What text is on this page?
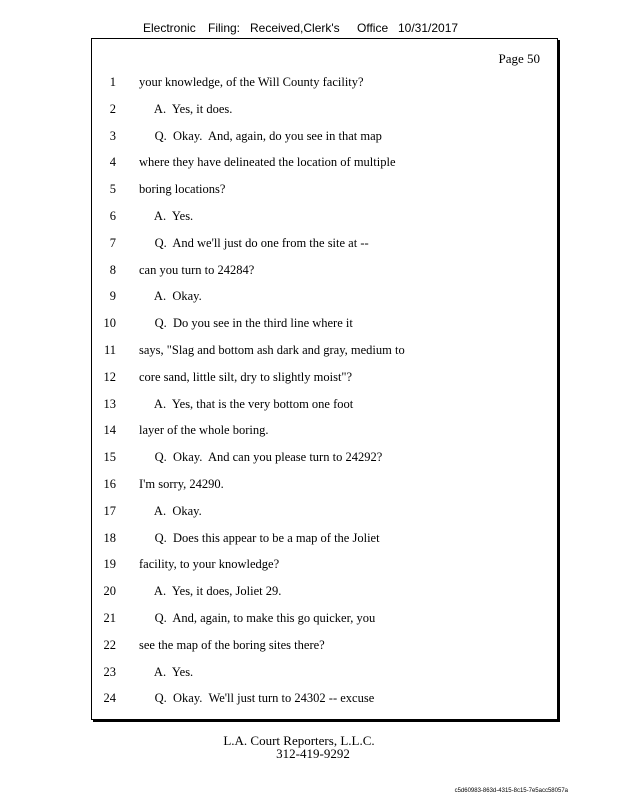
Electronic Filing: Received,Clerk's Office 10/31/2017
Page 50
1 your knowledge, of the Will County facility?
2 A.  Yes, it does.
3 Q.  Okay.  And, again, do you see in that map
4 where they have delineated the location of multiple
5 boring locations?
6 A.  Yes.
7 Q.  And we'll just do one from the site at --
8 can you turn to 24284?
9 A.  Okay.
10 Q.  Do you see in the third line where it
11 says, "Slag and bottom ash dark and gray, medium to
12 core sand, little silt, dry to slightly moist"?
13 A.  Yes, that is the very bottom one foot
14 layer of the whole boring.
15 Q.  Okay.  And can you please turn to 24292?
16 I'm sorry, 24290.
17 A.  Okay.
18 Q.  Does this appear to be a map of the Joliet
19 facility, to your knowledge?
20 A.  Yes, it does, Joliet 29.
21 Q.  And, again, to make this go quicker, you
22 see the map of the boring sites there?
23 A.  Yes.
24 Q.  Okay.  We'll just turn to 24302 -- excuse
L.A. Court Reporters, L.L.C.
312-419-9292
c5d60983-863d-4315-8c15-7e5acc58057a
